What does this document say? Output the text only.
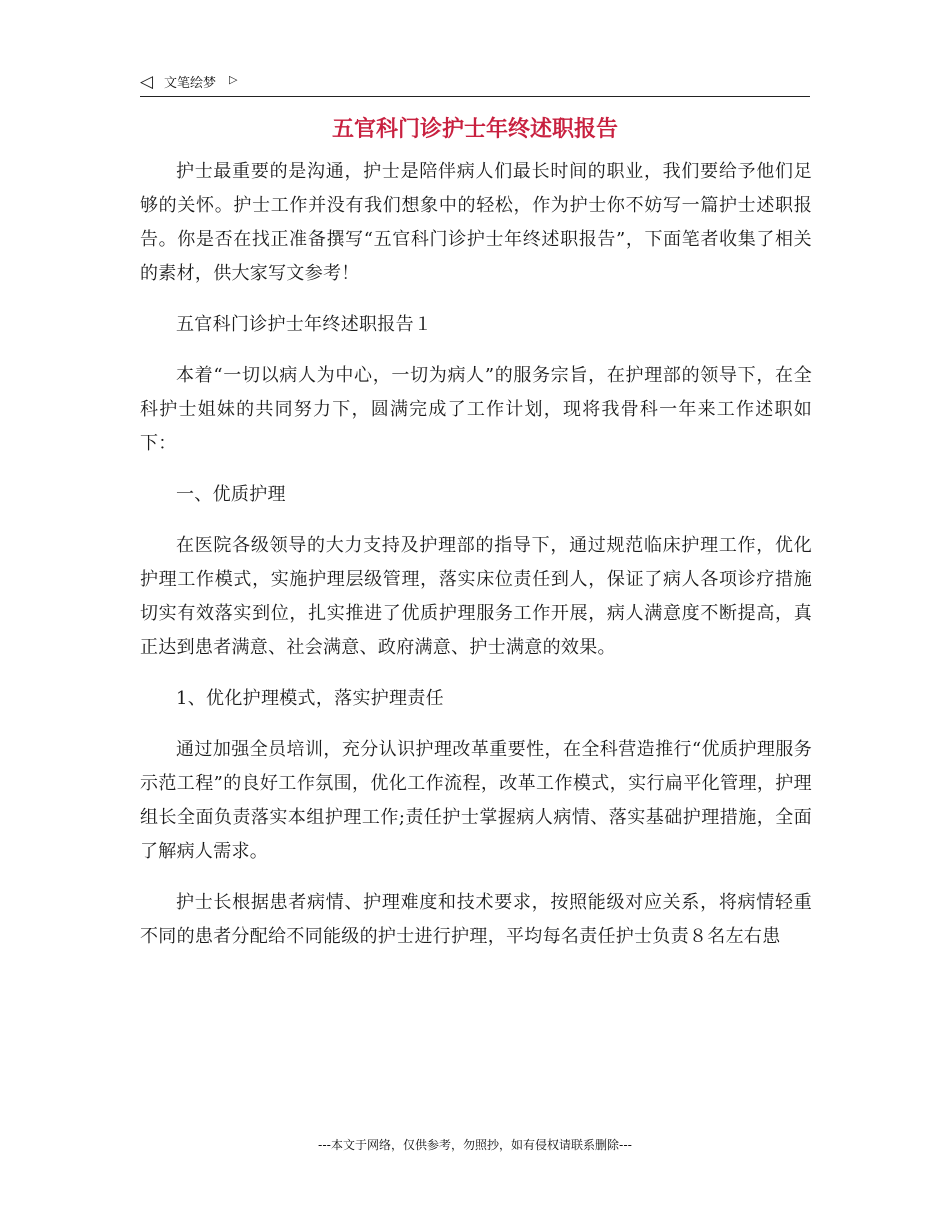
◁ 文笔绘梦 ▷
五官科门诊护士年终述职报告

护士最重要的是沟通，护士是陪伴病人们最长时间的职业，我们要给予他们足够的关怀。护士工作并没有我们想象中的轻松，作为护士你不妨写一篇护士述职报告。你是否在找正准备撰写“五官科门诊护士年终述职报告”，下面笔者收集了相关的素材，供大家写文参考！

五官科门诊护士年终述职报告１

本着“一切以病人为中心，一切为病人”的服务宗旨，在护理部的领导下，在全科护士姐妹的共同努力下，圆满完成了工作计划，现将我骨科一年来工作述职如下：

一、优质护理

在医院各级领导的大力支持及护理部的指导下，通过规范临床护理工作，优化护理工作模式，实施护理层级管理，落实床位责任到人，保证了病人各项诊疗措施切实有效落实到位，扎实推进了优质护理服务工作开展，病人满意度不断提高，真正达到患者满意、社会满意、政府满意、护士满意的效果。

1、优化护理模式，落实护理责任

通过加强全员培训，充分认识护理改革重要性，在全科营造推行“优质护理服务示范工程”的良好工作氛围，优化工作流程，改革工作模式，实行扁平化管理，护理组长全面负责落实本组护理工作;责任护士掌握病人病情、落实基础护理措施，全面了解病人需求。

护士长根据患者病情、护理难度和技术要求，按照能级对应关系，将病情轻重不同的患者分配给不同能级的护士进行护理，平均每名责任护士负责８名左右患

---本文于网络，仅供参考，勿照抄，如有侵权请联系删除---
